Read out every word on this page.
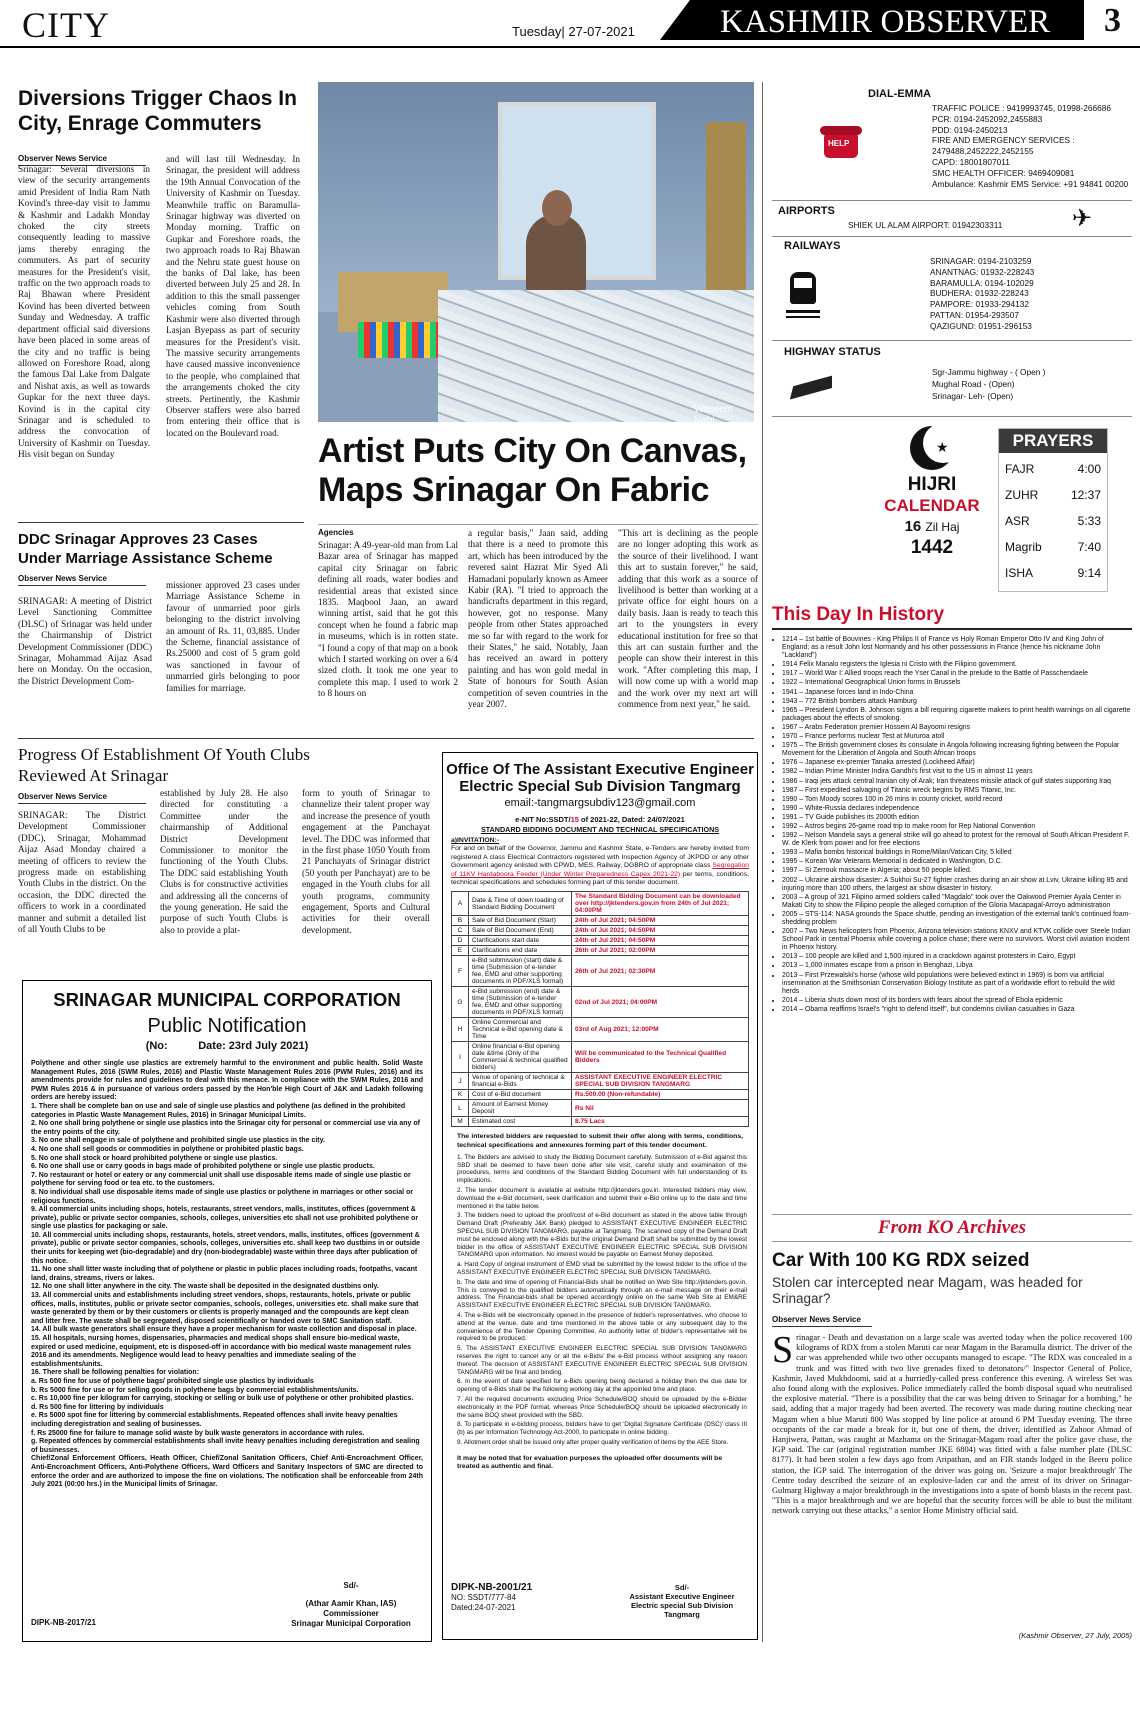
CITY	Tuesday| 27-07-2021	KASHMIR OBSERVER 3
Diversions Trigger Chaos In City, Enrage Commuters
Observer News Service
Srinagar: Several diversions in view of the security arrangements amid President of India Ram Nath Kovind's three-day visit to Jammu & Kashmir and Ladakh Monday choked the city streets consequently leading to massive jams thereby enraging the commuters. As part of security measures for the President's visit, traffic on the two approach roads to Raj Bhawan where President Kovind has been diverted between Sunday and Wednesday. A traffic department official said diversions have been placed in some areas of the city and no traffic is being allowed on Foreshore Road, along the famous Dal Lake from Dalgate and Nishat axis, as well as towards Gupkar for the next three days. Kovind is in the capital city Srinagar and is scheduled to address the convocation of University of Kashmir on Tuesday. His visit began on Sunday
and will last till Wednesday. In Srinagar, the president will address the 19th Annual Convocation of the University of Kashmir on Tuesday. Meanwhile traffic on Baramulla-Srinagar highway was diverted on Monday morning. Traffic on Gupkar and Foreshore roads, the two approach roads to Raj Bhawan and the Nehru state guest house on the banks of Dal lake, has been diverted between July 25 and 28. In addition to this the small passenger vehicles coming from South Kashmir were also diverted through Lasjan Byepass as part of security measures for the President's visit. The massive security arrangements have caused massive inconvenience to the people, who complained that the arrangements choked the city streets. Pertinently, the Kashmir Observer staffers were also barred from entering their office that is located on the Boulevard road.
Waseem Nabi
Artist Puts City On Canvas, Maps Srinagar On Fabric
Agencies
Srinagar: A 49-year-old man from Lal Bazar area of Srinagar has mapped capital city Srinagar on fabric defining all roads, water bodies and residential areas that existed since 1835. Maqbool Jaan, an award winning artist, said that he got this concept when he found a fabric map in museums, which is in rotten state. "I found a copy of that map on a book which I started working on over a 6/4 sized cloth. It took me one year to complete this map. I used to work 2 to 8 hours on
a regular basis," Jaan said, adding that there is a need to promote this art, which has been introduced by the revered saint Hazrat Mir Syed Ali Hamadani popularly known as Ameer Kabir (RA). "I tried to approach the handicrafts department in this regard, however, got no response. Many people from other States approached me so far with regard to the work for their States," he said. Notably, Jaan has received an award in pottery painting and has won gold medal in State of honours for South Asian competition of seven countries in the year 2007.
"This art is declining as the people are no longer adopting this work as the source of their livelihood. I want this art to sustain forever," he said, adding that this work as a source of livelihood is better than working at a private office for eight hours on a daily basis. Jaan is ready to teach this art to the youngsters in every educational institution for free so that this art can sustain further and the people can show their interest in this work. "After completing this map, I will now come up with a world map and the work over my next art will commence from next year," he said.
DDC Srinagar Approves 23 Cases Under Marriage Assistance Scheme
Observer News Service
SRINAGAR: A meeting of District Level Sanctioning Committee (DLSC) of Srinagar was held under the Chairmanship of District Development Commissioner (DDC) Srinagar, Mohammad Aijaz Asad here on Monday. On the occasion, the District Development Com-
missioner approved 23 cases under Marriage Assistance Scheme in favour of unmarried poor girls belonging to the district involving an amount of Rs. 11, 03,885. Under the Scheme, financial assistance of Rs.25000 and cost of 5 gram gold was sanctioned in favour of unmarried girls belonging to poor families for marriage.
Progress Of Establishment Of Youth Clubs Reviewed At Srinagar
Observer News Service
SRINAGAR: The District Development Commissioner (DDC), Srinagar, Mohammad Aijaz Asad Monday chaired a meeting of officers to review the progress made on establishing Youth Clubs in the district. On the occasion, the DDC directed the officers to work in a coordinated manner and submit a detailed list of all Youth Clubs to be
established by July 28. He also directed for constituting a Committee under the chairmanship of Additional District Development Commissioner to monitor the functioning of the Youth Clubs. The DDC said establishing Youth Clubs is for constructive activities and addressing all the concerns of the young generation. He said the purpose of such Youth Clubs is also to provide a plat-
form to youth of Srinagar to channelize their talent proper way and increase the presence of youth engagement at the Panchayat level. The DDC was informed that in the first phase 1050 Youth from 21 Panchayats of Srinagar district (50 youth per Panchayat) are to be engaged in the Youth clubs for all youth programs, community engagement, Sports and Cultural activities for their overall development.
SRINAGAR MUNICIPAL CORPORATION
Public Notification
(No:          Date: 23rd July 2021)
Polythene and other single use plastics are extremely harmful to the environment and public health. Solid Waste Management Rules, 2016 (SWM Rules, 2016) and Plastic Waste Management Rules 2016 (PWM Rules, 2016) and its amendments provide for rules and guidelines to deal with this menace. In compliance with the SWM Rules, 2016 and PWM Rules 2016 & in pursuance of various orders passed by the Hon'ble High Court of J&K and Ladakh following orders are hereby issued:
1. There shall be complete ban on use and sale of single use plastics and polythene (as defined in the prohibited categories in Plastic Waste Management Rules, 2016) in Srinagar Municipal Limits.
2. No one shall bring polythene or single use plastics into the Srinagar city for personal or commercial use via any of the entry points of the city.
3. No one shall engage in sale of polythene and prohibited single use plastics in the city.
4. No one shall sell goods or commodities in polythene or prohibited plastic bags.
5. No one shall stock or hoard prohibited polythene or single use plastics.
6. No one shall use or carry goods in bags made of prohibited polythene or single use plastic products.
7. No restaurant or hotel or eatery or any commercial unit shall use disposable items made of single use plastic or polythene for serving food or tea etc. to the customers.
8. No individual shall use disposable items made of single use plastics or polythene in marriages or other social or religious functions.
9. All commercial units including shops, hotels, restaurants, street vendors, malls, institutes, offices (government & private), public or private sector companies, schools, colleges, universities etc shall not use prohibited polythene or single use plastics for packaging or sale.
10. All commercial units including shops, restaurants, hotels, street vendors, malls, institutes, offices (government & private), public or private sector companies, schools, colleges, universities etc. shall keep two dustbins in or outside their units for keeping wet (bio-degradable) and dry (non-biodegradable) waste within three days after publication of this notice.
11. No one shall litter waste including that of polythene or plastic in public places including roads, footpaths, vacant land, drains, streams, rivers or lakes.
12. No one shall litter anywhere in the city. The waste shall be deposited in the designated dustbins only.
13. All commercial units and establishments including street vendors, shops, restaurants, hotels, private or public offices, malls, institutes, public or private sector companies, schools, colleges, universities etc. shall make sure that waste generated by them or by their customers or clients is properly managed and the compounds are kept clean and litter free. The waste shall be segregated, disposed scientifically or handed over to SMC Sanitation staff.
14. All bulk waste generators shall ensure they have a proper mechanism for waste collection and disposal in place.
15. All hospitals, nursing homes, dispensaries, pharmacies and medical shops shall ensure bio-medical waste, expired or used medicine, equipment, etc is disposed-off in accordance with bio medical waste management rules 2016 and its amendments. Negligence would lead to heavy penalties and immediate sealing of the establishments/units.
16. There shall be following penalties for violation:
a. Rs 500 fine for use of polythene bags/ prohibited single use plastics by individuals
b. Rs 5000 fine for use or for selling goods in polythene bags by commercial establishments/units.
c. Rs 10,000 fine per kilogram for carrying, stocking or selling or bulk use of polythene or other prohibited plastics.
d. Rs 500 fine for littering by individuals
e. Rs 5000 spot fine for littering by commercial establishments. Repeated offences shall invite heavy penalties including deregistration and sealing of businesses.
f. Rs 25000 fine for failure to manage solid waste by bulk waste generators in accordance with rules.
g. Repeated offences by commercial establishments shall invite heavy penalties including deregistration and sealing of businesses.
Chief/Zonal Enforcement Officers, Heath Officer, Chief/Zonal Sanitation Officers, Chief Anti-Encroachment Officer, Anti-Encroachment Officers, Anti-Polythene Officers, Ward Officers and Sanitary Inspectors of SMC are directed to enforce the order and are authorized to impose the fine on violations. The notification shall be enforceable from 24th July 2021 (00:00 hrs.) in the Municipal limits of Srinagar.
Sd/-
(Athar Aamir Khan, IAS)
Commissioner
Srinagar Municipal Corporation
DIPK-NB-2017/21
Office Of The Assistant Executive Engineer
Electric Special Sub Division Tangmarg
email:-tangmargsubdiv123@gmail.com
e-NIT No:SSDT/15 of 2021-22, Dated: 24/07/2021
STANDARD BIDDING DOCUMENT AND TECHNICAL SPECIFICATIONS
a)INVITATION:-
For and on behalf of the Governor, Jammu and Kashmir State, e-Tenders are hereby invited from registered A class Electrical Contractors registered with Inspection Agency of JKPDD or any other Government agency enlisted with CPWD, MES, Railway, DGBRO of appropriate class Segregation of 11KV Hardaboora Feeder (Under Winter Preparedness Capex 2021-22) per terms, conditions, technical specifications and schedules forming part of this tender document.
A	Date & Time of down loading of Standard Bidding Document	The Standard Bidding Document can be downloaded over http://jktenders.gov.in from 24th of Jul 2021; 04:00PM
B	Sale of Bid Document (Start)	24th of Jul 2021; 04:50PM
C	Sale of Bid Document (End)	24th of Jul 2021; 04:50PM
D	Clarifications start date	24th of Jul 2021; 04:50PM
E	Clarifications end date	26th of Jul 2021; 02:00PM
F	e-Bid submission (start) date & time (Submission of e-tender fee, EMD and other supporting documents in PDF/XLS format)	26th of Jul 2021; 02:30PM
G	e-Bid submission (end) date & time (Submission of e-tender fee, EMD and other supporting documents in PDF/XLS format)	02nd of Jul 2021; 04:00PM
H	Online Commercial and Technical e-Bid opening date & Time	03rd of Aug 2021; 12:00PM
I	Online financial e-Bid opening date &time (Only of the Commercial & technical qualified bidders)	Will be communicated to the Technical Qualified Bidders
J	Venue of opening of technical & financial e-Bids	ASSISTANT EXECUTIVE ENGINEER ELECTRIC SPECIAL SUB DIVISION TANGMARG
K	Cost of e-Bid document	Rs.500.00 (Non-refundable)
L	Amount of Earnest Money Deposit	Rs Nil
M	Estimated cost	8.75 Lacs
The interested bidders are requested to submit their offer along with terms, conditions, technical specifications and annexures forming part of this tender document.
1. The Bidders are advised to study the Bidding Document carefully. Submission of e-Bid against this SBD shall be deemed to have been done after site visit, careful study and examination of the procedures, terms and conditions of the Standard Bidding Document with full understanding of its implications.
2. The tender document is available at website http://jktenders.gov.in. Interested bidders may view, download the e-Bid document, seek clarification and submit their e-Bid online up to the date and time mentioned in the table below.
3. The bidders need to upload the proof/cost of e-Bid document as stated in the above table through Demand Draft (Preferably J&K Bank) pledged to ASSISTANT EXECUTIVE ENGINEER ELECTRIC SPECIAL SUB DIVISION TANGMARG, payable at Tangmarg. The scanned copy of the Demand Draft must be enclosed along with the e-Bids but the original Demand Draft shall be submitted by the lowest bidder in the office of ASSISTANT EXECUTIVE ENGINEER ELECTRIC SPECIAL SUB DIVISION TANGMARG upon information. No interest would be payable on Earnest Money deposited.
a. Hard Copy of original instrument of EMD shall be submitted by the lowest bidder to the office of the ASSISTANT EXECUTIVE ENGINEER ELECTRIC SPECIAL SUB DIVISION TANGMARG.
b. The date and time of opening of Financial-Bids shall be notified on Web Site http://jktenders.gov.in. This is conveyed to the qualified bidders automatically through an e-mail message on their e-mail address. The Financial-bids shall be opened accordingly online on the same Web Site at EM&RE ASSISTANT EXECUTIVE ENGINEER ELECTRIC SPECIAL SUB DIVISION TANGMARG.
4. The e-Bids will be electronically opened in the presence of bidder's representatives, who choose to attend at the venue, date and time mentioned in the above table or any subsequent day to the convenience of the Tender Opening Committee. An authority letter of bidder's representative will be required to be produced.
5. The ASSISTANT EXECUTIVE ENGINEER ELECTRIC SPECIAL SUB DIVISION TANGMARG reserves the right to cancel any or all the e-Bids/ the e-Bid process without assigning any reason thereof. The decision of ASSISTANT EXECUTIVE ENGINEER ELECTRIC SPECIAL SUB DIVISION TANGMARG will be final and binding.
6. In the event of date specified for e-Bids opening being declared a holiday then the due date for opening of e-Bids shall be the following working day at the appointed time and place.
7. All the required documents excluding Price Schedule/BOQ should be uploaded by the e-Bidder electronically in the PDF format, whereas Price Schedule/BOQ should be uploaded electronically in the same BOQ sheet provided with the SBD.
8. To participate in e-bidding process, bidders have to get 'Digital Signature Certificate (DSC)' class III (b) as per Information Technology Act-2000, to participate in online bidding.
9. Allotment order shall be issued only after proper quality verification of items by the AEE Store.
It may be noted that for evaluation purposes the uploaded offer documents will be treated as authentic and final.
DIPK-NB-2001/21
NO: SSDT/777-84
Dated:24-07-2021
Sd/-
Assistant Executive Engineer
Electric special Sub Division
Tangmarg
DIAL-EMMA
TRAFFIC POLICE : 9419993745, 01998-266686
PCR: 0194-2452092,2455883
PDD: 0194-2450213
FIRE AND EMERGENCY SERVICES :
2479488,2452222,2452155
CAPD: 18001807011
SMC HEALTH OFFICER: 9469409081
Ambulance: Kashmir EMS Service: +91 94841 00200
HELP
AIRPORTS
SHIEK UL ALAM AIRPORT: 01942303311	✈
RAILWAYS
SRINAGAR: 0194-2103259
ANANTNAG: 01932-228243
BARAMULLA: 0194-102029
BUDHERA: 01932-228243
PAMPORE: 01933-294132
PATTAN: 01954-293507
QAZIGUND: 01951-296153
HIGHWAY STATUS
Sgr-Jammu highway - ( Open )
Mughal Road - (Open)
Srinagar- Leh- (Open)
★
HIJRI
CALENDAR
16 Zil Haj
1442
PRAYERS
FAJR	4:00
ZUHR	12:37
ASR	5:33
Magrib	7:40
ISHA	9:14
This Day In History
• 1214 – 1st battle of Bouvines - King Philips II of France vs Holy Roman Emperor Otto IV and King John of England; as a result John lost Normandy and his other possessions in France (hence his nickname John "Lackland")
• 1914 Felix Manalo registers the Iglesia ni Cristo with the Filipino government.
• 1917 – World War I: Allied troops reach the Yser Canal in the prelude to the Battle of Passchendaele
• 1922 – International Geographical Union forms in Brussels
• 1941 – Japanese forces land in Indo-China
• 1943 – 772 British bombers attack Hamburg
• 1965 – President Lyndon B. Johnson signs a bill requiring cigarette makers to print health warnings on all cigarette packages about the effects of smoking.
• 1967 – Arabs Federation premier Hossein Al Bayoomi resigns
• 1970 – France performs nuclear Test at Mururoa atoll
• 1975 – The British government closes its consulate in Angola following increasing fighting between the Popular Movement for the Liberation of Angola and South African troops
• 1976 – Japanese ex-premier Tanaka arrested (Lockheed Affair)
• 1982 – Indian Prime Minister Indira Gandhi's first visit to the US in almost 11 years
• 1986 – Iraqi jets attack central Iranian city of Arak; Iran threatens missile attack of gulf states supporting Iraq
• 1987 – First expedited salvaging of Titanic wreck begins by RMS Titanic, Inc.
• 1990 – Tom Moody scores 100 in 26 mins in county cricket, world record
• 1990 – White-Russia declares independence
• 1991 – TV Guide publishes its 2000th edition
• 1992 – Astros begins 26-game road trip to make room for Rep National Convention
• 1992 – Nelson Mandela says a general strike will go ahead to protest for the removal of South African President F. W. de Klerk from power and for free elections
• 1993 – Mafia bombs historical buildings in Rome/Milan/Vatican City, 5 killed
• 1995 – Korean War Veterans Memorial is dedicated in Washington, D.C.
• 1997 – Si Zerrouk massacre in Algeria; about 50 people killed.
• 2002 – Ukraine airshow disaster: A Sukhoi Su-27 fighter crashes during an air show at Lviv, Ukraine killing 85 and injuring more than 100 others, the largest air show disaster in history.
• 2003 – A group of 321 Filipino armed soldiers called "Magdalo" took over the Oakwood Premier Ayala Center in Makati City to show the Filipino people the alleged corruption of the Gloria Macapagal-Arroyo administration
• 2005 – STS-114: NASA grounds the Space shuttle, pending an investigation of the external tank's continued foam-shedding problem
• 2007 – Two News helicopters from Phoenix, Arizona television stations KNXV and KTVK collide over Steele Indian School Park in central Phoenix while covering a police chase; there were no survivors. Worst civil aviation incident in Phoenix history.
• 2013 – 100 people are killed and 1,500 injured in a crackdown against protesters in Cairo, Egypt
• 2013 – 1,000 inmates escape from a prison in Benghazi, Libya
• 2013 – First Przewalski's horse (whose wild populations were believed extinct in 1969) is born via artificial insemination at the Smithsonian Conservation Biology Institute as part of a worldwide effort to rebuild the wild herds
• 2014 – Liberia shuts down most of its borders with fears about the spread of Ebola epidemic
• 2014 – Obama reaffirms Israel's "right to defend itself", but condemns civilian casualties in Gaza
From KO Archives
Car With 100 KG RDX seized
Stolen car intercepted near Magam, was headed for Srinagar?
Observer News Service
Srinagar - Death and devastation on a large scale was averted today when the police recovered 100 kilograms of RDX from a stolen Maruti car near Magam in the Baramulla district. The driver of the car was apprehended while two other occupants managed to escape. "The RDX was concealed in a trunk and was fitted with two live grenades fixed to detonators/" Inspector General of Police, Kashmir, Javed Mukhdoomi, said at a hurriedly-called press conference this evening. A wireless Set was also found along with the explosives. Police immediately called the bomb disposal squad who neutralised the explosive material. "There is a possibility that the car was being driven to Srinagar for a bombing," he said, adding that a major tragedy had been averted. The recovery was made during routine checking near Magam when a blue Maruti 800 Was stopped by line police at around 6 PM Tuesday evening. The three occupants of the car made a break for it, but one of them, the driver, identified as Zahoor Ahmad of Hanjiwera, Pattan, was caught at Mazhama on the Srinagar-Magam road after the police gave chase, the IGP said. The car (original registration number JKE 6804) was fitted with a false number plate (DLSC 8177). It had been stolen a few days ago from Aripathan, and an FIR stands lodged in the Beeru police station, the IGP said. The interrogation of the driver was going on. 'Seizure a major breakthrough' The Centre today described the seizure of an explosive-laden car and the arrest of its driver on Srinagar-Gulmarg Highway a major breakthrough in the investigations into a spate of bomb blasts in the recent past. "This is a major breakthrough and we are hopeful that the security forces will be able to bust the militant network carrying out these attacks," a senior Home Ministry official said.
(Kashmir Observer, 27 July, 2005)
